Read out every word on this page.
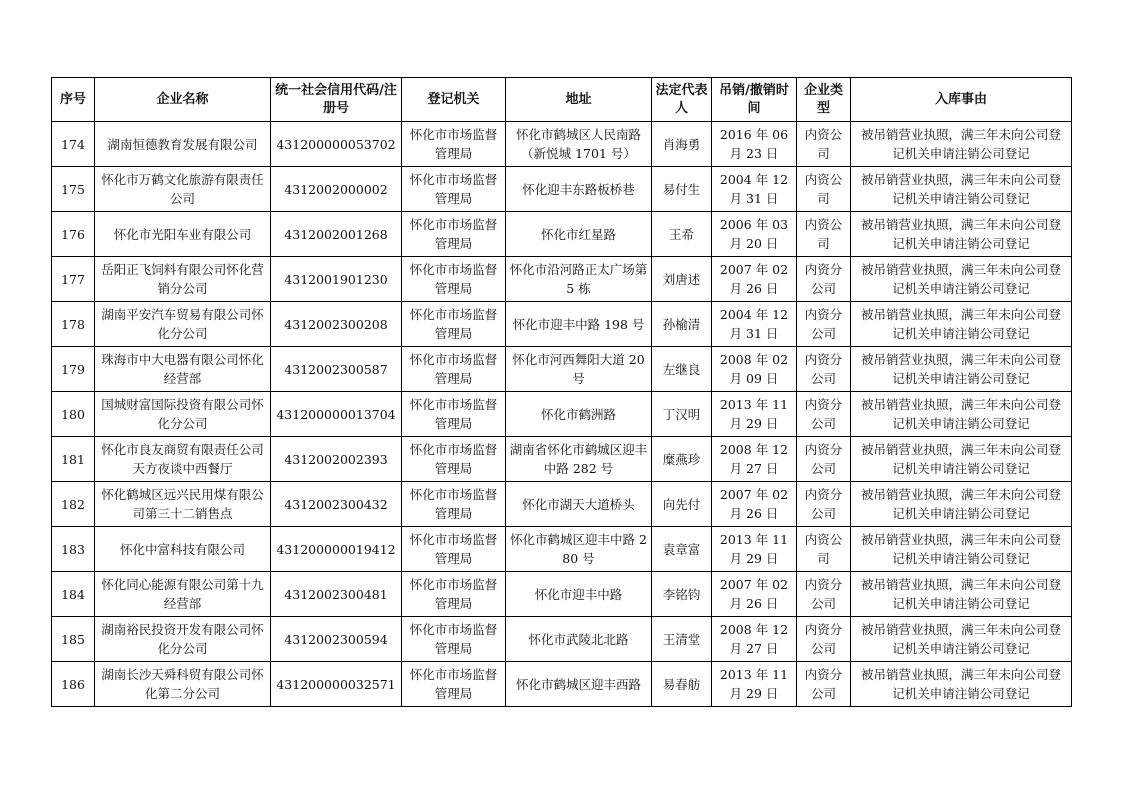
序号	企业名称	统一社会信用代码/注册号	登记机关	地址	法定代表人	吊销/撤销时间	企业类型	入库事由
174	湖南恒德教育发展有限公司	431200000053702	怀化市市场监督管理局	怀化市鹤城区人民南路（新悦城 1701 号）	肖海勇	2016 年 06 月 23 日	内资公司	被吊销营业执照，满三年未向公司登记机关申请注销公司登记
175	怀化市万鹤文化旅游有限责任公司	4312002000002	怀化市市场监督管理局	怀化迎丰东路板桥巷	易付生	2004 年 12 月 31 日	内资公司	被吊销营业执照，满三年未向公司登记机关申请注销公司登记
176	怀化市光阳车业有限公司	4312002001268	怀化市市场监督管理局	怀化市红星路	王希	2006 年 03 月 20 日	内资公司	被吊销营业执照，满三年未向公司登记机关申请注销公司登记
177	岳阳正飞饲料有限公司怀化营销分公司	4312001901230	怀化市市场监督管理局	怀化市沿河路正太广场第 5 栋	刘唐述	2007 年 02 月 26 日	内资分公司	被吊销营业执照，满三年未向公司登记机关申请注销公司登记
178	湖南平安汽车贸易有限公司怀化分公司	4312002300208	怀化市市场监督管理局	怀化市迎丰中路 198 号	孙榆清	2004 年 12 月 31 日	内资分公司	被吊销营业执照，满三年未向公司登记机关申请注销公司登记
179	珠海市中大电器有限公司怀化经营部	4312002300587	怀化市市场监督管理局	怀化市河西舞阳大道 20 号	左继良	2008 年 02 月 09 日	内资分公司	被吊销营业执照，满三年未向公司登记机关申请注销公司登记
180	国城财富国际投资有限公司怀化分公司	431200000013704	怀化市市场监督管理局	怀化市鹤洲路	丁汉明	2013 年 11 月 29 日	内资分公司	被吊销营业执照，满三年未向公司登记机关申请注销公司登记
181	怀化市良友商贸有限责任公司天方夜谈中西餐厅	4312002002393	怀化市市场监督管理局	湖南省怀化市鹤城区迎丰中路 282 号	糜燕珍	2008 年 12 月 27 日	内资分公司	被吊销营业执照，满三年未向公司登记机关申请注销公司登记
182	怀化鹤城区远兴民用煤有限公司第三十二销售点	4312002300432	怀化市市场监督管理局	怀化市湖天大道桥头	向先付	2007 年 02 月 26 日	内资分公司	被吊销营业执照，满三年未向公司登记机关申请注销公司登记
183	怀化中富科技有限公司	431200000019412	怀化市市场监督管理局	怀化市鹤城区迎丰中路 280 号	袁章富	2013 年 11 月 29 日	内资公司	被吊销营业执照，满三年未向公司登记机关申请注销公司登记
184	怀化同心能源有限公司第十九经营部	4312002300481	怀化市市场监督管理局	怀化市迎丰中路	李铭钧	2007 年 02 月 26 日	内资分公司	被吊销营业执照，满三年未向公司登记机关申请注销公司登记
185	湖南裕民投资开发有限公司怀化分公司	4312002300594	怀化市市场监督管理局	怀化市武陵北北路	王清堂	2008 年 12 月 27 日	内资分公司	被吊销营业执照，满三年未向公司登记机关申请注销公司登记
186	湖南长沙天舜科贸有限公司怀化第二分公司	431200000032571	怀化市市场监督管理局	怀化市鹤城区迎丰西路	易春舫	2013 年 11 月 29 日	内资分公司	被吊销营业执照，满三年未向公司登记机关申请注销公司登记
